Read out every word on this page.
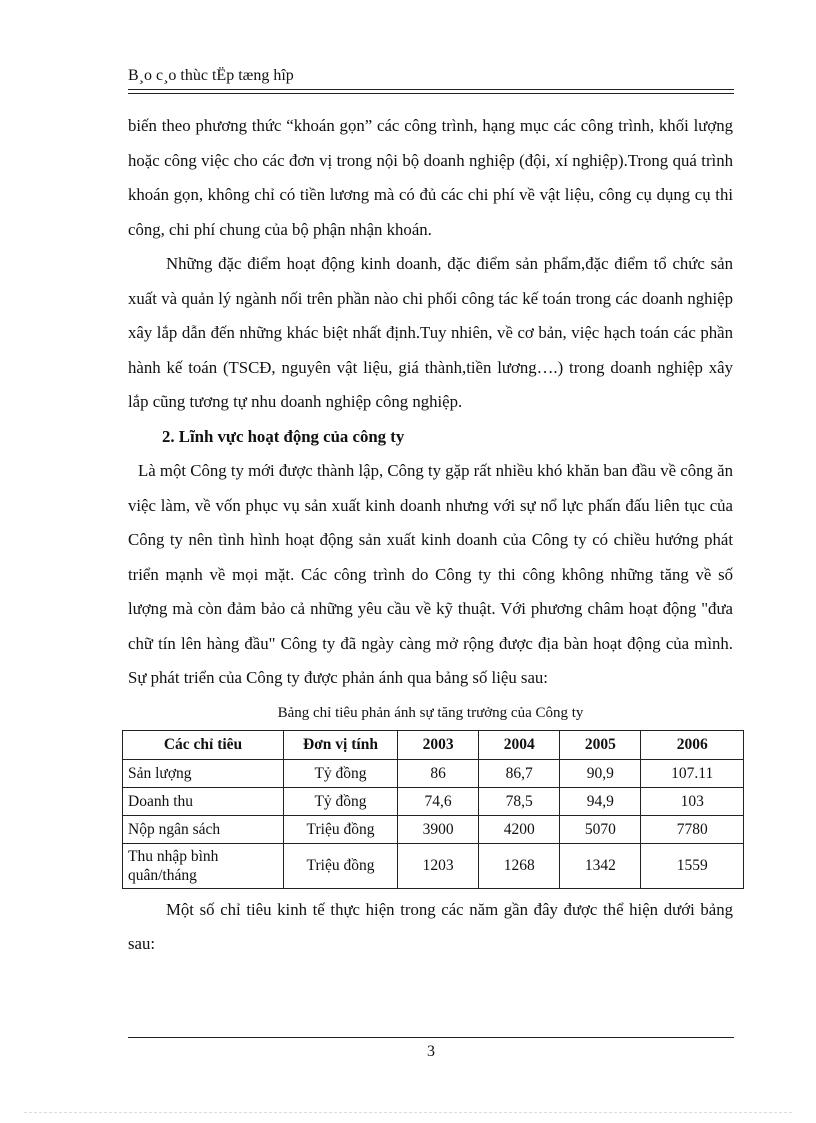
B¸o c¸o thùc tËp tæng hîp

biến theo phương thức “khoán gọn” các công trình, hạng mục các công trình, khối lượng hoặc công việc cho các đơn vị trong nội bộ doanh nghiệp (đội, xí nghiệp).Trong quá trình khoán gọn, không chỉ có tiền lương mà có đủ các chi phí về vật liệu, công cụ dụng cụ thi công, chi phí chung của bộ phận nhận khoán.

Những đặc điểm hoạt động kinh doanh, đặc điểm sản phẩm,đặc điểm tổ chức sản xuất và quản lý ngành nối trên phần nào chi phối công tác kế toán trong các doanh nghiệp xây lắp dẫn đến những khác biệt nhất định.Tuy nhiên, về cơ bản, việc hạch toán các phần hành kế toán (TSCĐ, nguyên vật liệu, giá thành,tiền lương….) trong doanh nghiệp xây lắp cũng tương tự nhu doanh nghiệp công nghiệp.

2. Lĩnh vực hoạt động của công ty

Là một Công ty mới được thành lập, Công ty gặp rất nhiều khó khăn ban đầu về công ăn việc làm, về vốn phục vụ sản xuất kinh doanh nhưng với sự nổ lực phấn đấu liên tục của Công ty nên tình hình hoạt động sản xuất kinh doanh của Công ty có chiều hướng phát triển mạnh về mọi mặt. Các công trình do Công ty thi công không những tăng về số lượng mà còn đảm bảo cả những yêu cầu về kỹ thuật. Với phương châm hoạt động "đưa chữ tín lên hàng đầu" Công ty đã ngày càng mở rộng được địa bàn hoạt động của mình. Sự phát triển của Công ty được phản ánh qua bảng số liệu sau:

Bảng chỉ tiêu phản ánh sự tăng trưởng của Công ty

Các chỉ tiêu	Đơn vị tính	2003	2004	2005	2006
Sản lượng	Tỷ đồng	86	86,7	90,9	107.11
Doanh thu	Tỷ đồng	74,6	78,5	94,9	103
Nộp ngân sách	Triệu đồng	3900	4200	5070	7780
Thu nhập bình quân/tháng	Triệu đồng	1203	1268	1342	1559

Một số chỉ tiêu kinh tế thực hiện trong các năm gần đây được thể hiện dưới bảng sau:

3
